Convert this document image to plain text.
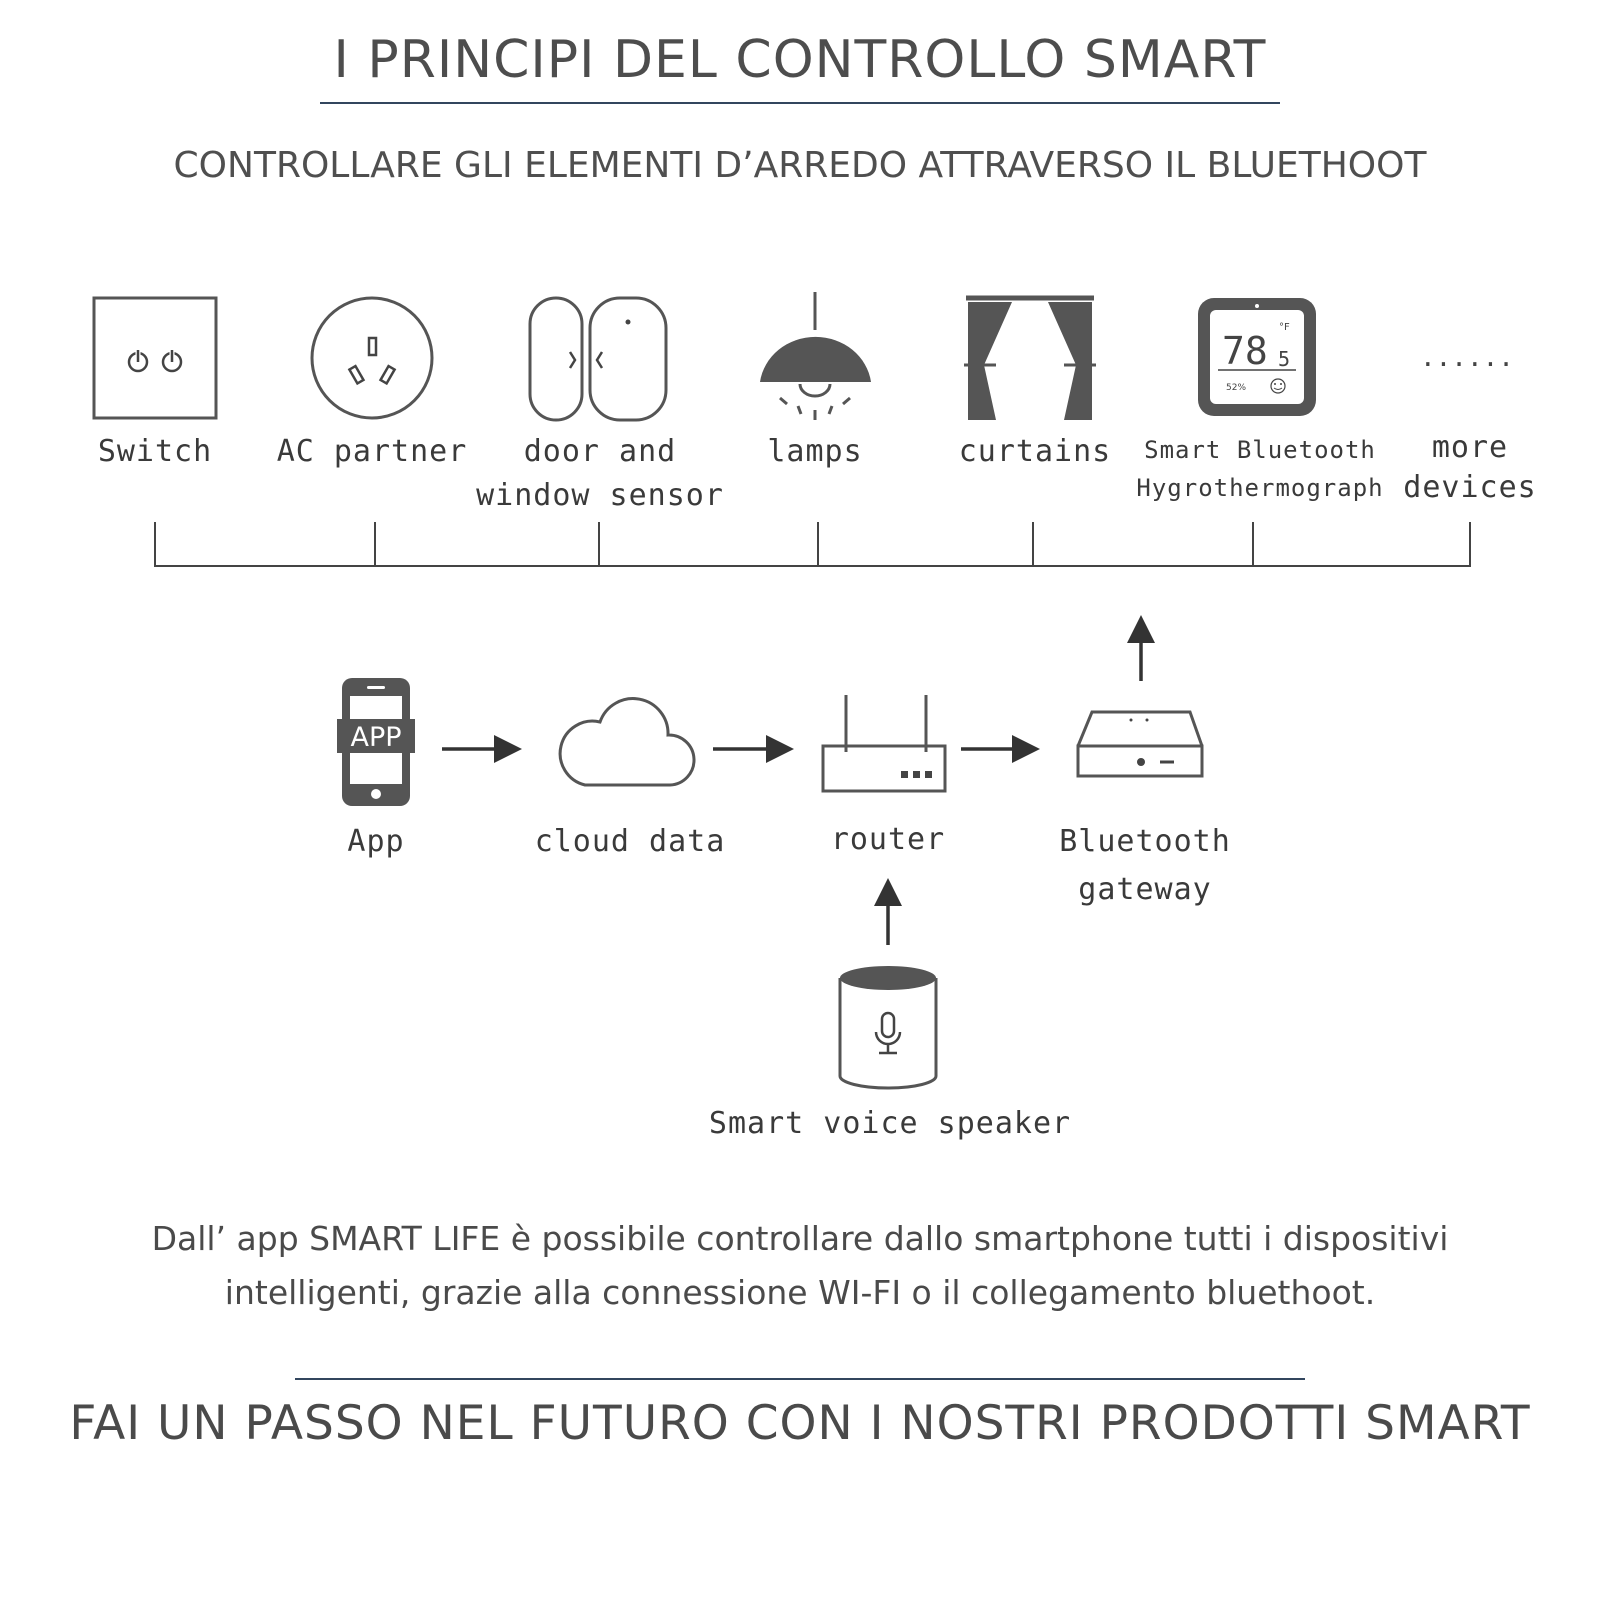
I PRINCIPI DEL CONTROLLO SMART
CONTROLLARE GLI ELEMENTI D’ARREDO ATTRAVERSO IL BLUETHOOT
78 5
°F
52%
......
APP
Switch	AC partner	door and
window sensor
lamps	curtains	Smart Bluetooth
Hygrothermograph
more
devices
App	cloud data	router	Bluetooth
gateway
Smart voice speaker
Dall’ app SMART LIFE è possibile controllare dallo smartphone tutti i dispositivi
intelligenti, grazie alla connessione WI-FI o il collegamento bluethoot.
FAI UN PASSO NEL FUTURO CON I NOSTRI PRODOTTI SMART
